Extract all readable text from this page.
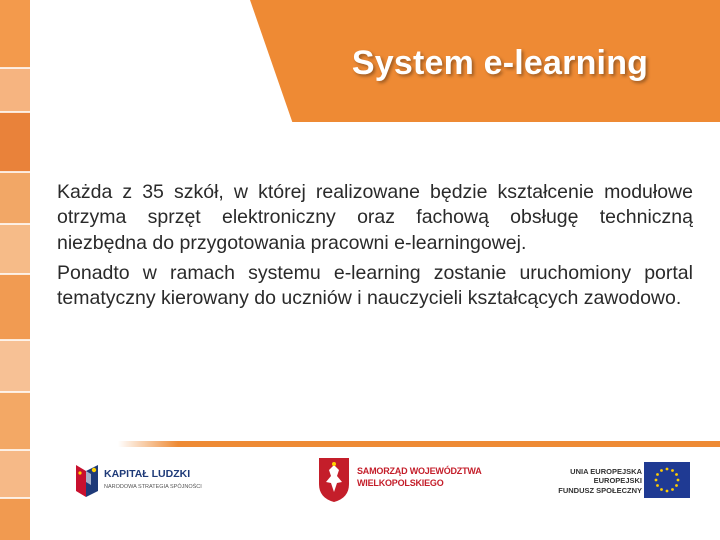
System e-learning

Każda z 35 szkół, w której realizowane będzie kształcenie modułowe otrzyma sprzęt elektroniczny oraz fachową obsługę techniczną niezbędna do przygotowania pracowni e-learningowej.

Ponadto w ramach systemu e-learning zostanie uruchomiony portal tematyczny kierowany do uczniów i nauczycieli kształcących zawodowo.

KAPITAŁ LUDZKI
NARODOWA STRATEGIA SPÓJNOŚCI
SAMORZĄD WOJEWÓDZTWA
WIELKOPOLSKIEGO
UNIA EUROPEJSKA
EUROPEJSKI
FUNDUSZ SPOŁECZNY
